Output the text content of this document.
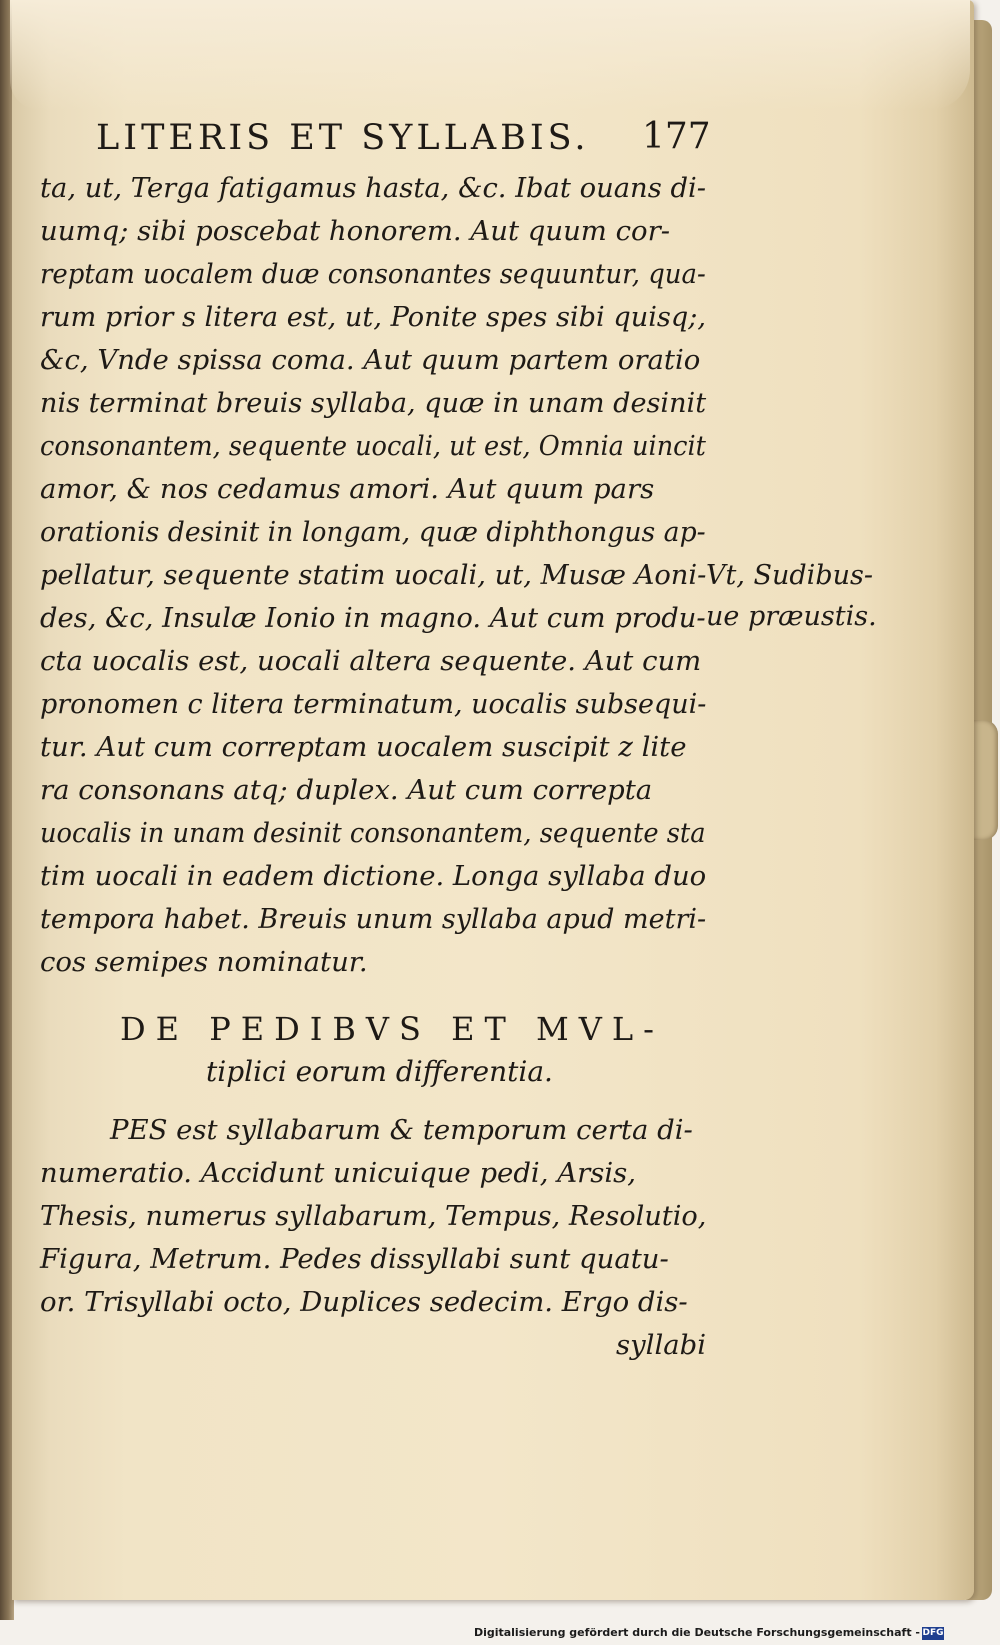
LITERIS ET SYLLABIS.	177
ta, ut, Terga fatigamus hasta, &c. Ibat ouans di-
uumq; sibi poscebat honorem. Aut quum cor-
reptam uocalem duæ consonantes sequuntur, qua-
rum prior s litera est, ut, Ponite spes sibi quisq;,
&c, Vnde spissa coma. Aut quum partem oratio
nis terminat breuis syllaba, quæ in unam desinit
consonantem, sequente uocali, ut est, Omnia uincit
amor, & nos cedamus amori. Aut quum pars
orationis desinit in longam, quæ diphthongus ap-
pellatur, sequente statim uocali, ut, Musæ Aoni-
des, &c, Insulæ Ionio in magno. Aut cum produ-
cta uocalis est, uocali altera sequente. Aut cum
pronomen c litera terminatum, uocalis subsequi-
tur. Aut cum correptam uocalem suscipit z lite
ra consonans atq; duplex. Aut cum correpta
uocalis in unam desinit consonantem, sequente sta
tim uocali in eadem dictione. Longa syllaba duo
tempora habet. Breuis unum syllaba apud metri-
cos semipes nominatur.
Vt, Sudibus-
ue præustis.
DE PEDIBVS ET MVL-
tiplici eorum differentia.
PES est syllabarum & temporum certa di-
numeratio. Accidunt unicuique pedi, Arsis,
Thesis, numerus syllabarum, Tempus, Resolutio,
Figura, Metrum. Pedes dissyllabi sunt quatu-
or. Trisyllabi octo, Duplices sedecim. Ergo dis-
syllabi
Digitalisierung gefördert durch die Deutsche Forschungsgemeinschaft - DFG
